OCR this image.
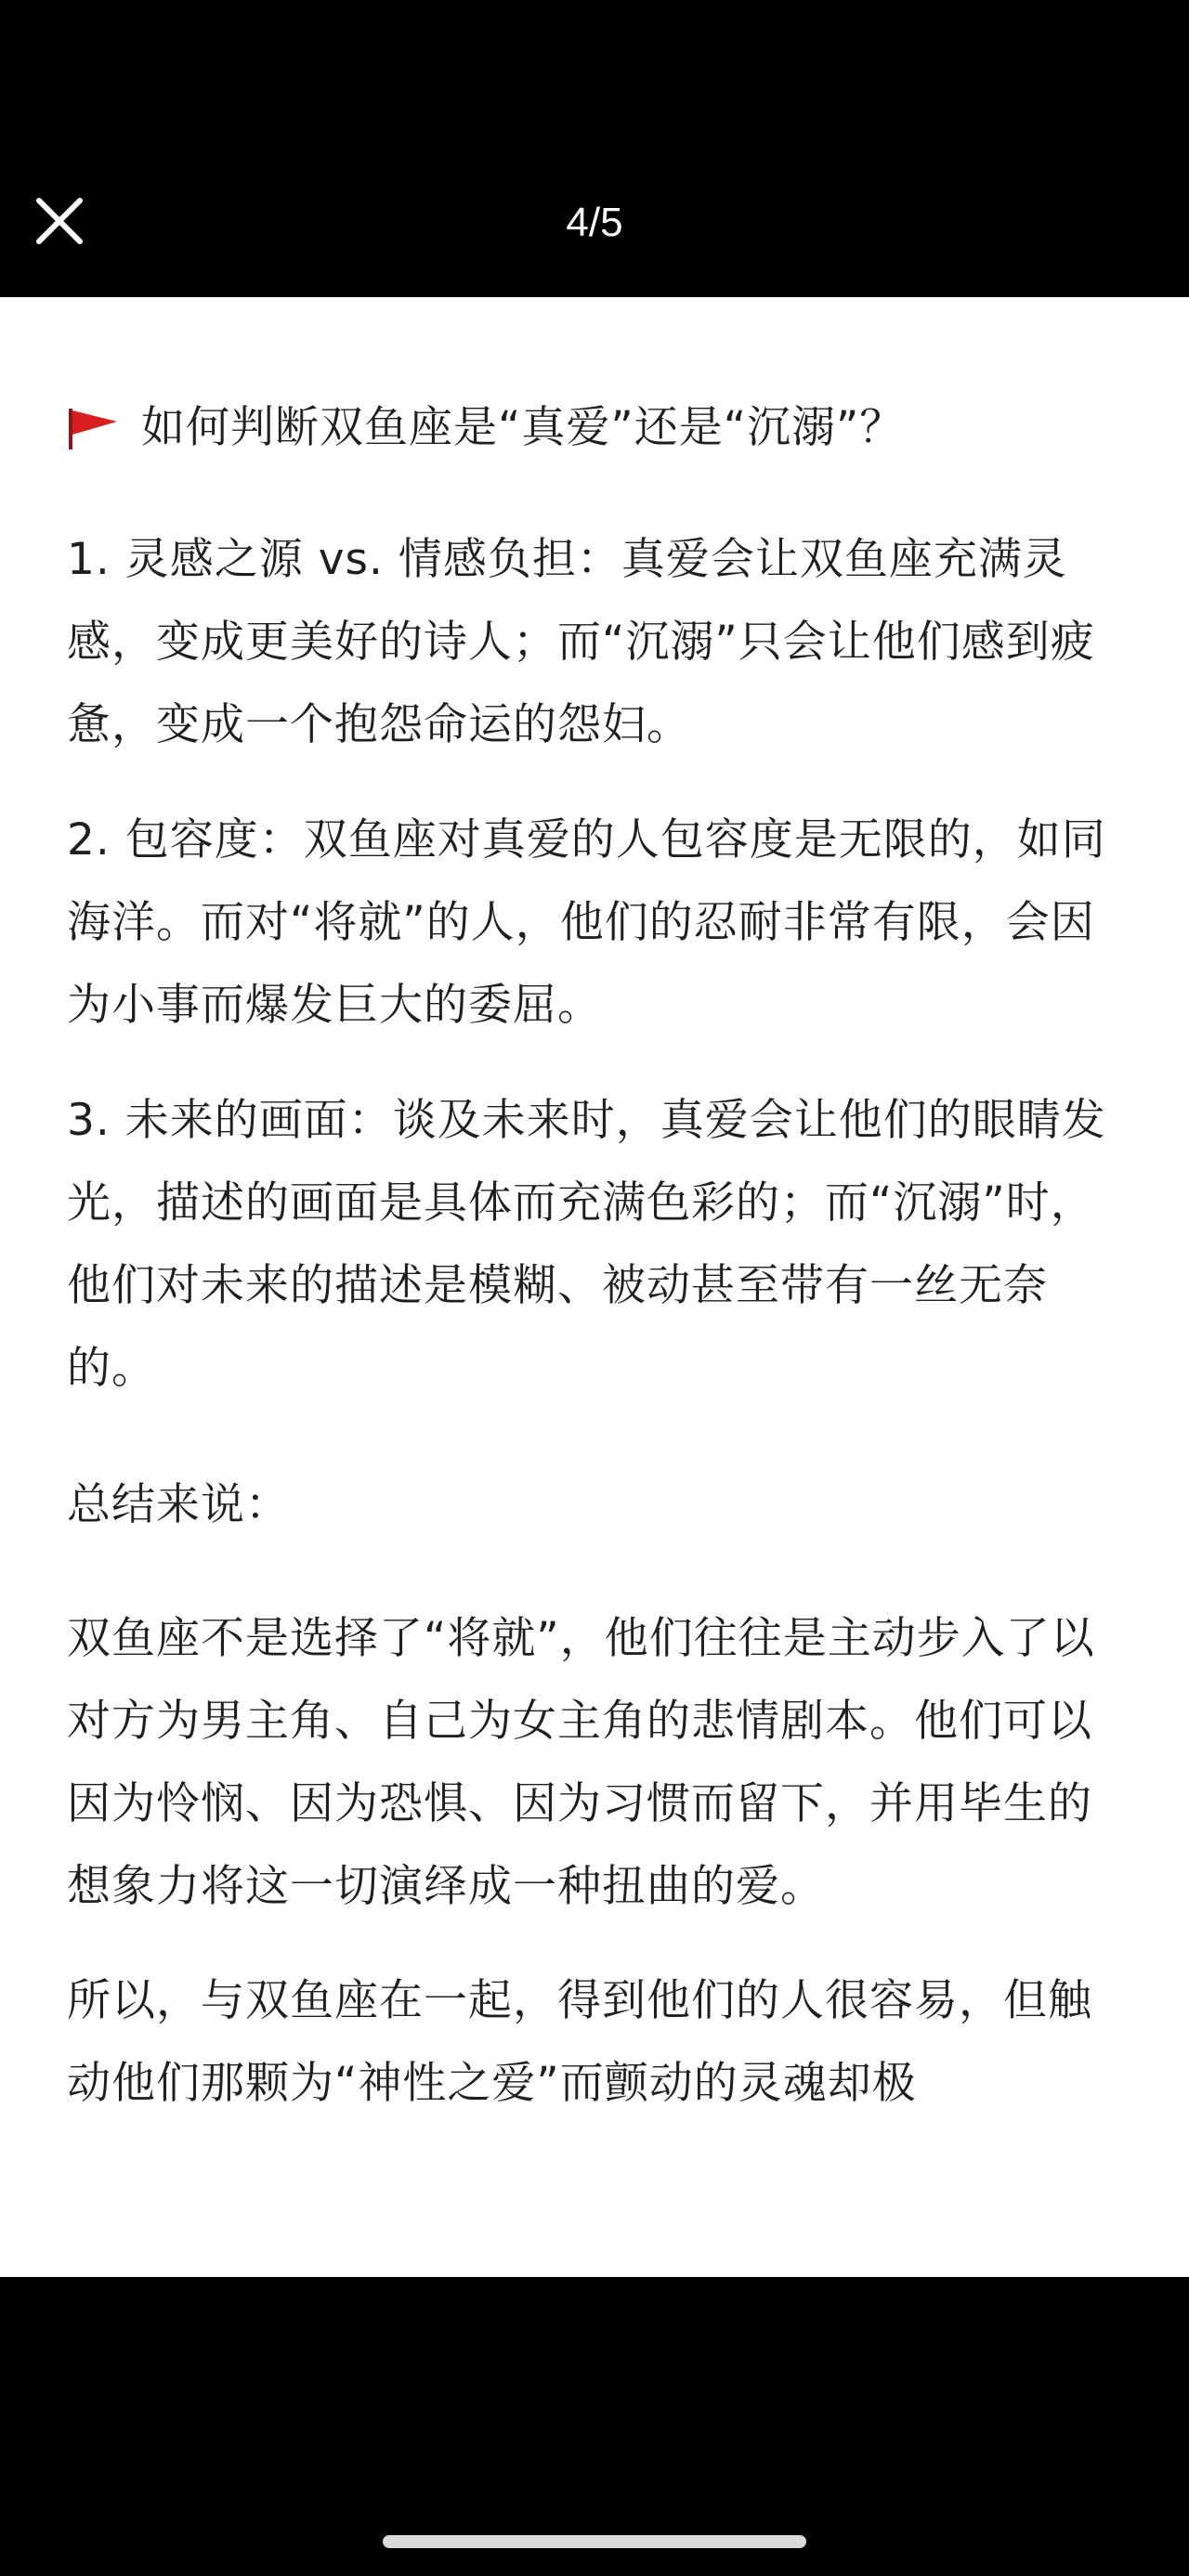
4/5
如何判断双鱼座是“真爱”还是“沉溺”？

1. 灵感之源 vs. 情感负担：真爱会让双鱼座充满灵感，变成更美好的诗人；而“沉溺”只会让他们感到疲惫，变成一个抱怨命运的怨妇。

2. 包容度：双鱼座对真爱的人包容度是无限的，如同海洋。而对“将就”的人，他们的忍耐非常有限，会因为小事而爆发巨大的委屈。

3. 未来的画面：谈及未来时，真爱会让他们的眼睛发光，描述的画面是具体而充满色彩的；而“沉溺”时，他们对未来的描述是模糊、被动甚至带有一丝无奈的。

总结来说：

双鱼座不是选择了“将就”，他们往往是主动步入了以对方为男主角、自己为女主角的悲情剧本。他们可以因为怜悯、因为恐惧、因为习惯而留下，并用毕生的想象力将这一切演绎成一种扭曲的爱。

所以，与双鱼座在一起，得到他们的人很容易，但触动他们那颗为“神性之爱”而颤动的灵魂却极
